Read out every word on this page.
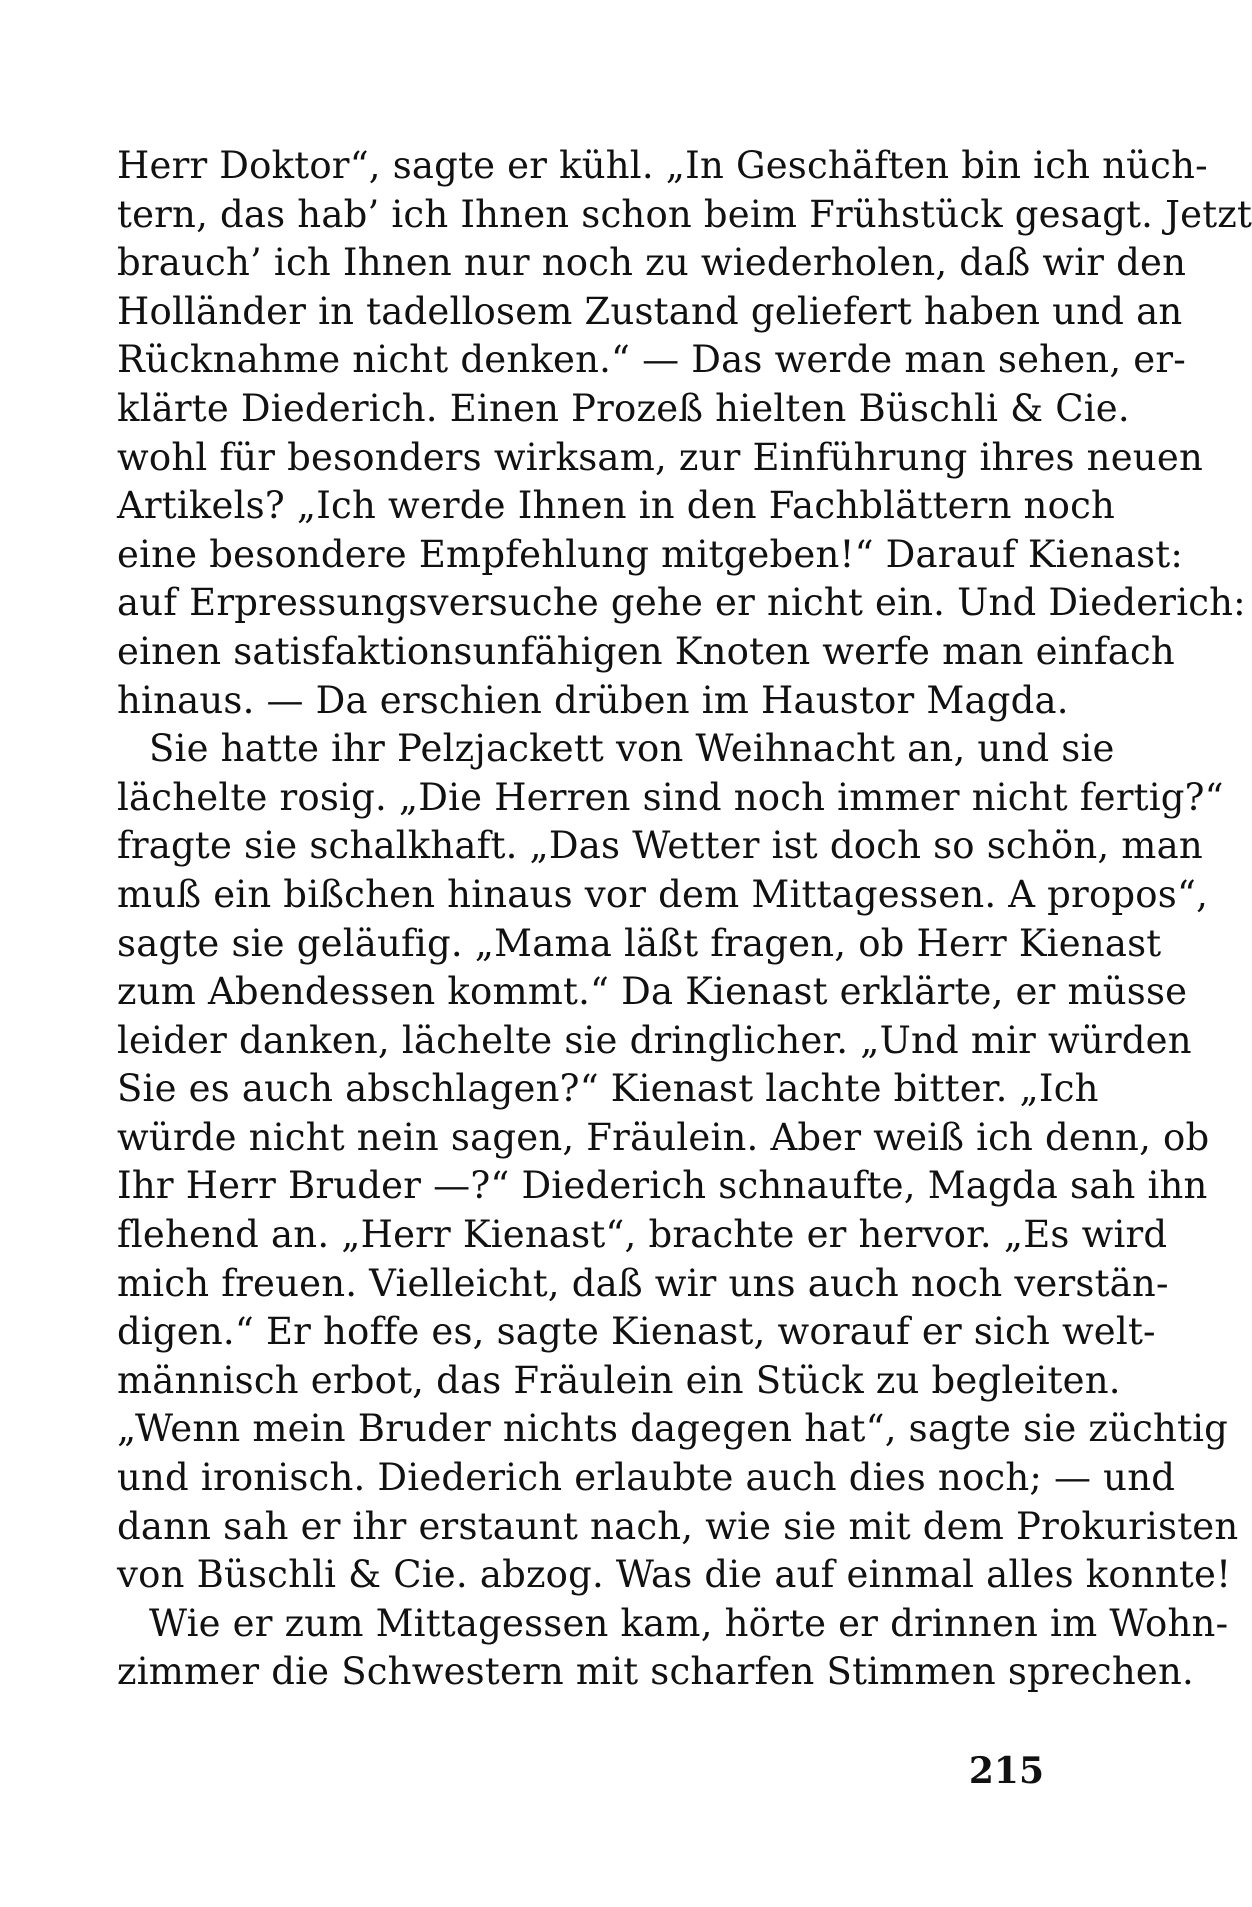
Herr Doktor“, sagte er kühl. „In Geschäften bin ich nüch-
tern, das hab’ ich Ihnen schon beim Frühstück gesagt. Jetzt
brauch’ ich Ihnen nur noch zu wiederholen, daß wir den
Holländer in tadellosem Zustand geliefert haben und an
Rücknahme nicht denken.“ — Das werde man sehen, er-
klärte Diederich. Einen Prozeß hielten Büschli & Cie.
wohl für besonders wirksam, zur Einführung ihres neuen
Artikels? „Ich werde Ihnen in den Fachblättern noch
eine besondere Empfehlung mitgeben!“ Darauf Kienast:
auf Erpressungsversuche gehe er nicht ein. Und Diederich:
einen satisfaktionsunfähigen Knoten werfe man einfach
hinaus. — Da erschien drüben im Haustor Magda.
Sie hatte ihr Pelzjackett von Weihnacht an, und sie
lächelte rosig. „Die Herren sind noch immer nicht fertig?“
fragte sie schalkhaft. „Das Wetter ist doch so schön, man
muß ein bißchen hinaus vor dem Mittagessen. A propos“,
sagte sie geläufig. „Mama läßt fragen, ob Herr Kienast
zum Abendessen kommt.“ Da Kienast erklärte, er müsse
leider danken, lächelte sie dringlicher. „Und mir würden
Sie es auch abschlagen?“ Kienast lachte bitter. „Ich
würde nicht nein sagen, Fräulein. Aber weiß ich denn, ob
Ihr Herr Bruder —?“ Diederich schnaufte, Magda sah ihn
flehend an. „Herr Kienast“, brachte er hervor. „Es wird
mich freuen. Vielleicht, daß wir uns auch noch verstän-
digen.“ Er hoffe es, sagte Kienast, worauf er sich welt-
männisch erbot, das Fräulein ein Stück zu begleiten.
„Wenn mein Bruder nichts dagegen hat“, sagte sie züchtig
und ironisch. Diederich erlaubte auch dies noch; — und
dann sah er ihr erstaunt nach, wie sie mit dem Prokuristen
von Büschli & Cie. abzog. Was die auf einmal alles konnte!
Wie er zum Mittagessen kam, hörte er drinnen im Wohn-
zimmer die Schwestern mit scharfen Stimmen sprechen.
215
